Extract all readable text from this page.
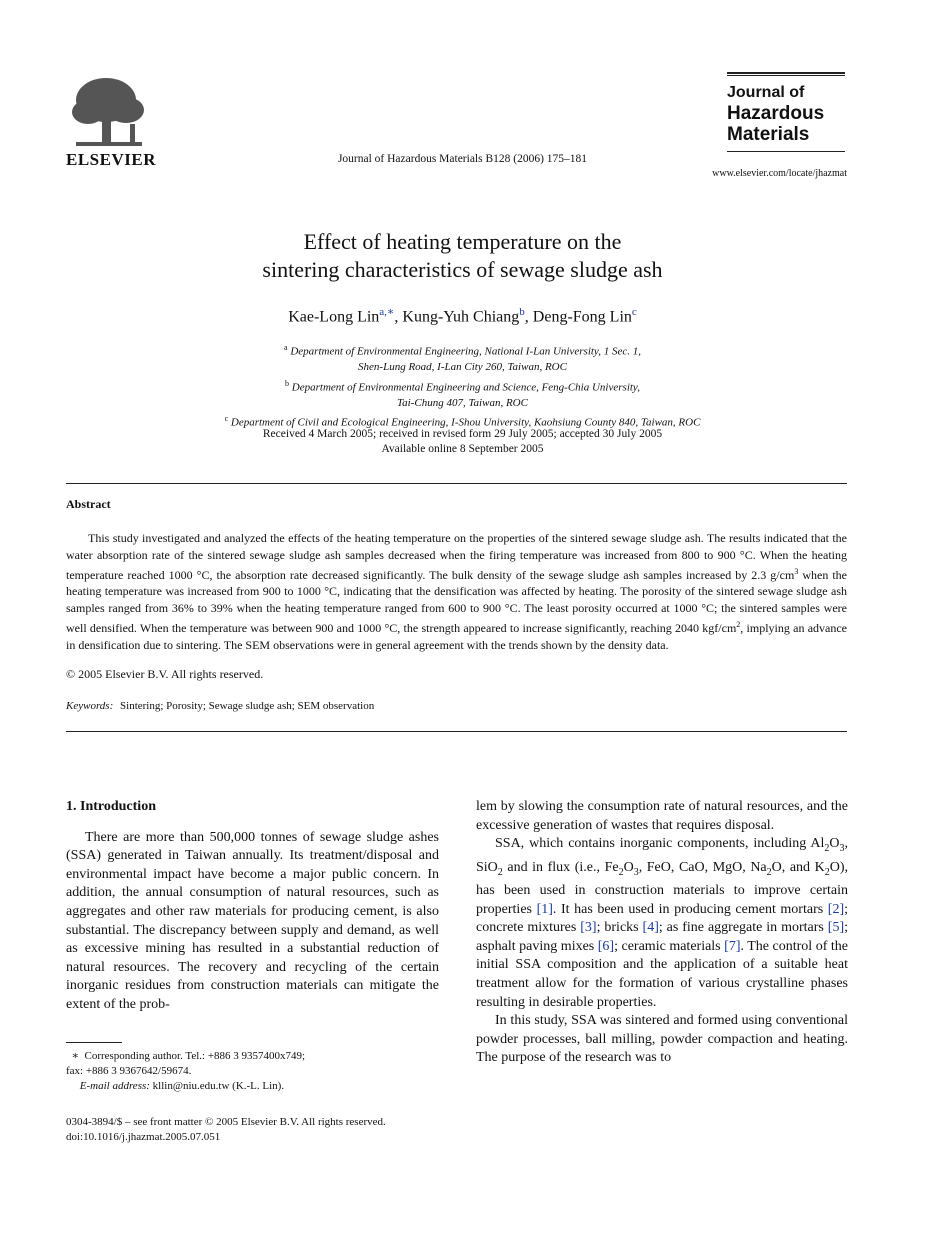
ELSEVIER	Journal of Hazardous Materials B128 (2006) 175–181
Journal of
Hazardous
Materials
www.elsevier.com/locate/jhazmat
Effect of heating temperature on the
sintering characteristics of sewage sludge ash
Kae-Long Lin$^{a,∗}$, Kung-Yuh Chiang$^b$, Deng-Fong Lin$^c$
$^a$ Department of Environmental Engineering, National I-Lan University, 1 Sec. 1,
Shen-Lung Road, I-Lan City 260, Taiwan, ROC
$^b$ Department of Environmental Engineering and Science, Feng-Chia University,
Tai-Chung 407, Taiwan, ROC
$^c$ Department of Civil and Ecological Engineering, I-Shou University, Kaohsiung County 840, Taiwan, ROC
Received 4 March 2005; received in revised form 29 July 2005; accepted 30 July 2005
Available online 8 September 2005
Abstract
This study investigated and analyzed the effects of the heating temperature on the properties of the sintered sewage sludge ash. The results indicated that the water absorption rate of the sintered sewage sludge ash samples decreased when the firing temperature was increased from 800 to 900 °C. When the heating temperature reached 1000 °C, the absorption rate decreased significantly. The bulk density of the sewage sludge ash samples increased by 2.3 $g/cm^3$ when the heating temperature was increased from 900 to 1000 °C, indicating that the densification was affected by heating. The porosity of the sintered sewage sludge ash samples ranged from 36% to 39% when the heating temperature ranged from 600 to 900 °C. The least porosity occurred at 1000 °C; the sintered samples were well densified. When the temperature was between 900 and 1000 °C, the strength appeared to increase significantly, reaching 2040 kgf/$cm^2$, implying an advance in densification due to sintering. The SEM observations were in general agreement with the trends shown by the density data.
© 2005 Elsevier B.V. All rights reserved.
Keywords: Sintering; Porosity; Sewage sludge ash; SEM observation
1. Introduction
There are more than 500,000 tonnes of sewage sludge ashes (SSA) generated in Taiwan annually. Its treatment/disposal and environmental impact have become a major public concern. In addition, the annual consumption of natural resources, such as aggregates and other raw materials for producing cement, is also substantial. The discrepancy between supply and demand, as well as excessive mining has resulted in a substantial reduction of natural resources. The recovery and recycling of the certain inorganic residues from construction materials can mitigate the extent of the prob-
lem by slowing the consumption rate of natural resources, and the excessive generation of wastes that requires disposal.
SSA, which contains inorganic components, including $Al_2O_3$, SiO$_2$ and in flux (i.e., $Fe_2O_3$, FeO, CaO, MgO, $Na_2O$, and $K_2O$), has been used in construction materials to improve certain properties [1]. It has been used in producing cement mortars [2]; concrete mixtures [3]; bricks [4]; as fine aggregate in mortars [5]; asphalt paving mixes [6]; ceramic materials [7]. The control of the initial SSA composition and the application of a suitable heat treatment allow for the formation of various crystalline phases resulting in desirable properties.
In this study, SSA was sintered and formed using conventional powder processes, ball milling, powder compaction and heating. The purpose of the research was to
∗ Corresponding author. Tel.: +886 3 9357400x749;
fax: +886 3 9367642/59674.
E-mail address: kllin@niu.edu.tw (K.-L. Lin).
0304-3894/$ – see front matter © 2005 Elsevier B.V. All rights reserved.
doi:10.1016/j.jhazmat.2005.07.051
